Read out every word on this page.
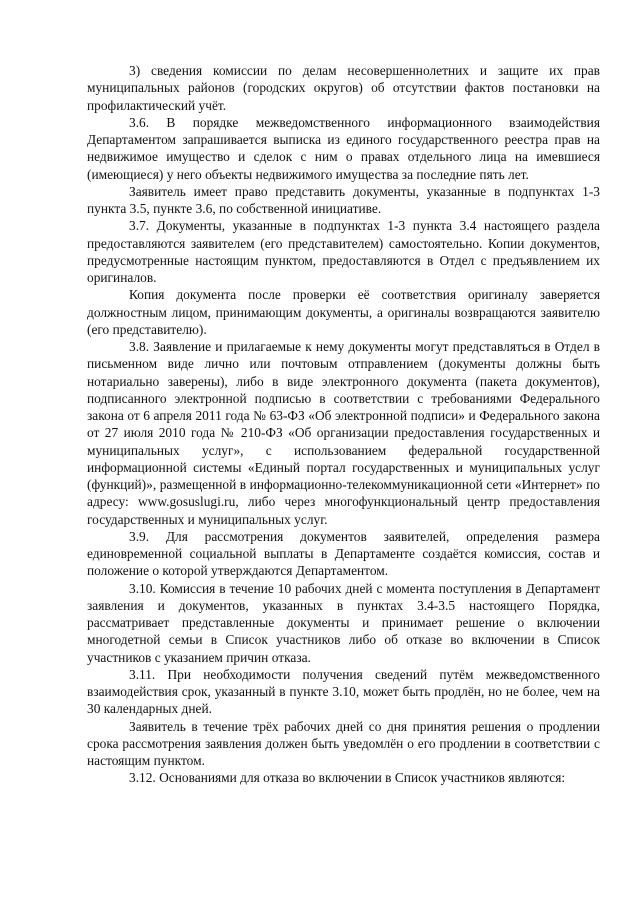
3) сведения комиссии по делам несовершеннолетних и защите их прав муниципальных районов (городских округов) об отсутствии фактов постановки на профилактический учёт.

3.6. В порядке межведомственного информационного взаимодействия Департаментом запрашивается выписка из единого государственного реестра прав на недвижимое имущество и сделок с ним о правах отдельного лица на имевшиеся (имеющиеся) у него объекты недвижимого имущества за последние пять лет.

Заявитель имеет право представить документы, указанные в подпунктах 1-3 пункта 3.5, пункте 3.6, по собственной инициативе.

3.7. Документы, указанные в подпунктах 1-3 пункта 3.4 настоящего раздела предоставляются заявителем (его представителем) самостоятельно. Копии документов, предусмотренные настоящим пунктом, предоставляются в Отдел с предъявлением их оригиналов.

Копия документа после проверки её соответствия оригиналу заверяется должностным лицом, принимающим документы, а оригиналы возвращаются заявителю (его представителю).

3.8. Заявление и прилагаемые к нему документы могут представляться в Отдел в письменном виде лично или почтовым отправлением (документы должны быть нотариально заверены), либо в виде электронного документа (пакета документов), подписанного электронной подписью в соответствии с требованиями Федерального закона от 6 апреля 2011 года № 63-ФЗ «Об электронной подписи» и Федерального закона от 27 июля 2010 года № 210-ФЗ «Об организации предоставления государственных и муниципальных услуг», с использованием федеральной государственной информационной системы «Единый портал государственных и муниципальных услуг (функций)», размещенной в информационно-телекоммуникационной сети «Интернет» по адресу: www.gosuslugi.ru, либо через многофункциональный центр предоставления государственных и муниципальных услуг.

3.9. Для рассмотрения документов заявителей, определения размера единовременной социальной выплаты в Департаменте создаётся комиссия, состав и положение о которой утверждаются Департаментом.

3.10. Комиссия в течение 10 рабочих дней с момента поступления в Департамент заявления и документов, указанных в пунктах 3.4-3.5 настоящего Порядка, рассматривает представленные документы и принимает решение о включении многодетной семьи в Список участников либо об отказе во включении в Список участников с указанием причин отказа.

3.11. При необходимости получения сведений путём межведомственного взаимодействия срок, указанный в пункте 3.10, может быть продлён, но не более, чем на 30 календарных дней.

Заявитель в течение трёх рабочих дней со дня принятия решения о продлении срока рассмотрения заявления должен быть уведомлён о его продлении в соответствии с настоящим пунктом.

3.12. Основаниями для отказа во включении в Список участников являются:
